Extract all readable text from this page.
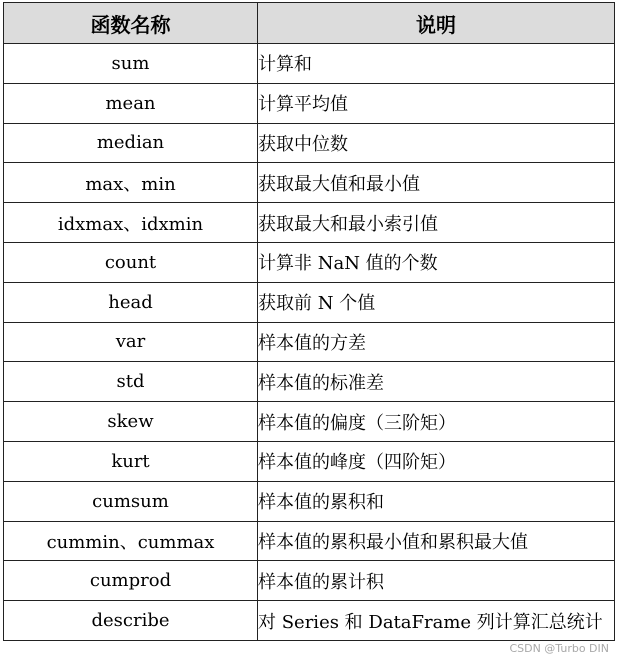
函数名称	说明
sum	计算和
mean	计算平均值
median	获取中位数
max、min	获取最大值和最小值
idxmax、idxmin	获取最大和最小索引值
count	计算非 NaN 值的个数
head	获取前 N 个值
var	样本值的方差
std	样本值的标准差
skew	样本值的偏度（三阶矩）
kurt	样本值的峰度（四阶矩）
cumsum	样本值的累积和
cummin、cummax	样本值的累积最小值和累积最大值
cumprod	样本值的累计积
describe	对 Series 和 DataFrame 列计算汇总统计
CSDN @Turbo DIN
